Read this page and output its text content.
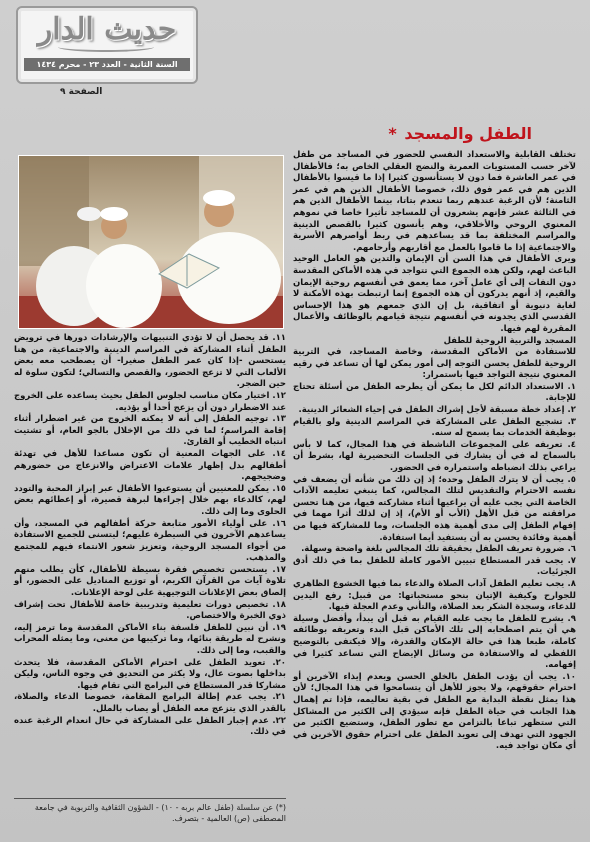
حديث الدار
السنة الثانية - العدد ٢٣ - محرم ١٤٣٤
الصفحة ٩
الطفل والمسجد *

تختلف القابلية والاستعداد النفسي للحضور في المساجد من طفل لآخر حسب المستويات العمرية والنضج العقلي الخاص به؛ فالأطفال في عمر العاشرة فما دون لا يستأنسون كثيرا إذا ما قيسوا بالأطفال الذين هم في عمر فوق ذلك، خصوصا الأطفال الذين هم في عمر الثامنة؛ لأن الرغبة عندهم ربما تنعدم بتاتا، بينما الأطفال الذين هم في الثالثة عشر فإنهم يشعرون أن للمساجد تأثيرا خاصا في نموهم المعنوي الروحي والأخلاقي، وهم يأنسون كثيرا بالقصص الدينية والمراسم المختلفة بما قد يساعدهم في ربط أواصرهم الأسرية والاجتماعية إذا ما قاموا بالعمل مع أقاربهم وأرحامهم.

ويرى الأطفال في هذا السن أن الإيمان والتدين هو العامل الوحيد الباعث لهم، ولكن هذه الجموع التي تتواجد في هذه الأماكن المقدسة دون التفات إلى أي عامل آخر، مما يعمق في أنفسهم روحية الإيمان والقيم، إذ أنهم يدركون أن هذه الجموع إنما ارتبطت بهذه الأمكنة لا لغاية دنيوية أو اتفاقية، بل إن الذي جمعهم هو هذا الإحساس القدسي الذي يجدونه في أنفسهم نتيجة قيامهم بالوظائف والأعمال المقررة لهم فيها.

المسجد والتربية الروحية للطفل

للاستفادة من الأماكن المقدسة، وخاصة المساجد، في التربية الروحية للطفل يحسن التوجه إلى أمور يمكن لها أن تساعد في رقيه المعنوي نتيجة التواجد فيها باستمرار:

١. الاستعداد الدائم لكل ما يمكن أن يطرحه الطفل من أسئلة تحتاج للإجابة.

٢. إعداد خطة مسبقة لأجل إشراك الطفل في إحياء الشعائر الدينية.

٣. تشجيع الطفل على المشاركة في المراسم الدينية ولو بالقيام بوظيفة الخدمات بما يسمح له سنه.

٤. تعريفه على المجموعات الناشطة في هذا المجال، كما لا بأس بالسماح له في أن يشارك في الجلسات التحضيرية لها، بشرط أن يراعي بذلك انضباطه واستمراره في الحضور.

٥. يجب أن لا يترك الطفل وحده؛ إذ إن ذلك من شأنه أن يضعف في نفسه الاحترام والتقديس لتلك المجالس، كما ينبغي تعليمه الآداب الخاصة التي يجب عليه أن يراعيها أثناء مشاركته فيها، من هنا تحسن مرافقته من قبل الأهل (الأب أو الأم)، إذ إن لذلك أثرا مهما في إفهام الطفل إلى مدى أهمية هذه الجلسات، وما للمشاركة فيها من أهمية وفائدة يحسن به أن يستفيد أيما استفادة.

٦. ضرورة تعريف الطفل بحقيقة تلك المجالس بلغة واضحة وسهلة.

٧. يجب قدر المستطاع تبيين الأمور كاملة للطفل بما في ذلك أدق الجزئيات.

٨. يجب تعليم الطفل آداب الصلاة والدعاء بما فيها الخشوع الظاهري للجوارح وكيفية الإتيان بنحو مستحباتها: من قبيل: رفع اليدين للدعاء، وسجدة الشكر بعد الصلاة، والتأني وعدم العجلة فيها.

٩. يشرح للطفل ما يجب عليه القيام به قبل أن يبدأ، وأفضل وسيلة هي أن يتم اصطحابه إلى تلك الأماكن قبل البدء وتعريفه بوظائفه كاملة، طبعا هذا في حالة الإمكان والقدرة، وإلا فيكتفى بالتوضيح اللفظي له والاستفادة من وسائل الإيضاح التي تساعد كثيرا في إفهامه.

١٠. يجب أن يؤدب الطفل بالخلق الحسن وبعدم إيذاء الآخرين أو احترام حقوقهم، ولا يجوز للأهل أن يتسامحوا في هذا المجال؛ لأن هذا يمثل نقطة البداية مع الطفل في بقية تعاليمه، فإذا تم إهمال هذا الجانب في حياة الطفل فإنه سيؤدي إلى الكثير من المشاكل التي ستظهر تباعا بالتزامن مع تطور الطفل، وستضيع الكثير من الجهود التي تهدف إلى تعويد الطفل على احترام حقوق الآخرين في أي مكان تواجد فيه.

١١. قد يحصل أن لا تؤدي التنبيهات والإرشادات دورها في ترويض الطفل أثناء المشاركة في المراسم الدينية والاجتماعية، من هنا يستحسن -إذا كان عمر الطفل صغيرا- أن يصطحب معه بعض الألعاب التي لا تزعج الحضور، والقصص والتسالي؛ لتكون سلوة له حين الضجر.

١٢. اختيار مكان مناسب لجلوس الطفل بحيث يساعده على الخروج عند الاضطرار دون أن يزعج أحدا أو يؤذيه.

١٣. توجيه الطفل إلى أنه لا يمكنه الخروج من غير اضطرار أثناء إقامة المراسم؛ لما في ذلك من الإخلال بالجو العام، أو تشتيت انتباه الخطيب أو القارئ.

١٤. على الجهات المعنية أن تكون مساعدا للأهل في تهدئة أطفالهم بدل إظهار علامات الاعتراض والانزعاج من حضورهم وضجيجهم.

١٥. يمكن للمعنيين أن يستوعبوا الأطفال عبر إبراز المحبة والتودد لهم، كالدعاء بهم خلال إجراءها لبرهة قصيرة، أو إعطائهم بعض الحلوى وما إلى ذلك.

١٦. على أولياء الأمور متابعة حركة أطفالهم في المسجد، وأن يساعدهم الآخرون في السيطرة عليهم؛ ليتسنى للجميع الاستفادة من أجواء المسجد الروحية، وتعزيز شعور الانتماء فيهم للمجتمع والمذهب.

١٧. يستحسن تخصيص فقرة بسيطة للأطفال، كأن يطلب منهم تلاوة آيات من القرآن الكريم، أو توزيع المناديل على الحضور، أو إلصاق بعض الإعلانات التوجيهية على لوحة الإعلانات.

١٨. تخصيص دورات تعليمية وتدريبية خاصة للأطفال تحت إشراف ذوي الخبرة والاختصاص.

١٩. أن نبين للطفل فلسفة بناء الأماكن المقدسة وما ترمز إليه، ونشرح له طريقة بنائها، وما تركيبها من معنى، وما يمثله المحراب والقبب، وما إلى ذلك.

٢٠. تعويد الطفل على احترام الأماكن المقدسة، فلا يتحدث بداخلها بصوت عال، ولا يكثر من التحديق في وجوه الناس، وليكن مشاركا قدر المستطاع في البرامج التي تقام فيها.

٢١. يجب عدم إطالة البرامج المقامة، خصوصا الدعاء والصلاة، بالقدر الذي يتزعج معه الطفل أو يصاب بالملل.

٢٢. عدم إجبار الطفل على المشاركة في حال انعدام الرغبة عنده في ذلك.

(*) عن سلسلة (طفل عالم بربه - ١٠) - الشؤون الثقافية والتربوية في جامعة المصطفى (ص) العالمية - بتصرف.
